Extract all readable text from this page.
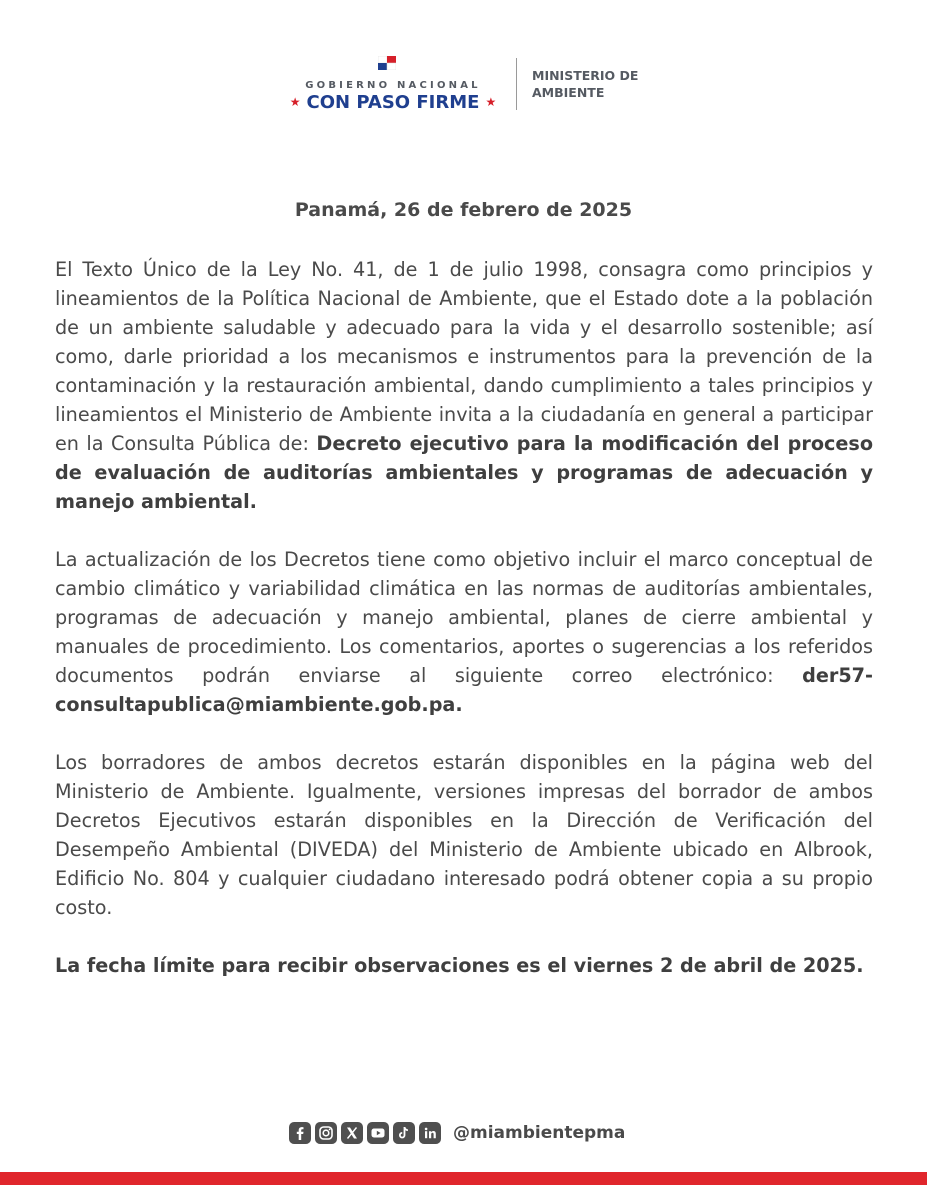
GOBIERNO NACIONAL
★ CON PASO FIRME ★
MINISTERIO DE
AMBIENTE
Panamá, 26 de febrero de 2025

El Texto Único de la Ley No. 41, de 1 de julio 1998, consagra como principios y lineamientos de la Política Nacional de Ambiente, que el Estado dote a la población de un ambiente saludable y adecuado para la vida y el desarrollo sostenible; así como, darle prioridad a los mecanismos e instrumentos para la prevención de la contaminación y la restauración ambiental, dando cumplimiento a tales principios y lineamientos el Ministerio de Ambiente invita a la ciudadanía en general a participar en la Consulta Pública de: Decreto ejecutivo para la modificación del proceso de evaluación de auditorías ambientales y programas de adecuación y manejo ambiental.

La actualización de los Decretos tiene como objetivo incluir el marco conceptual de cambio climático y variabilidad climática en las normas de auditorías ambientales, programas de adecuación y manejo ambiental, planes de cierre ambiental y manuales de procedimiento. Los comentarios, aportes o sugerencias a los referidos documentos podrán enviarse al siguiente correo electrónico: der57-consultapublica@miambiente.gob.pa.

Los borradores de ambos decretos estarán disponibles en la página web del Ministerio de Ambiente. Igualmente, versiones impresas del borrador de ambos Decretos Ejecutivos estarán disponibles en la Dirección de Verificación del Desempeño Ambiental (DIVEDA) del Ministerio de Ambiente ubicado en Albrook, Edificio No. 804 y cualquier ciudadano interesado podrá obtener copia a su propio costo.

La fecha límite para recibir observaciones es el viernes 2 de abril de 2025.

@miambientepma
